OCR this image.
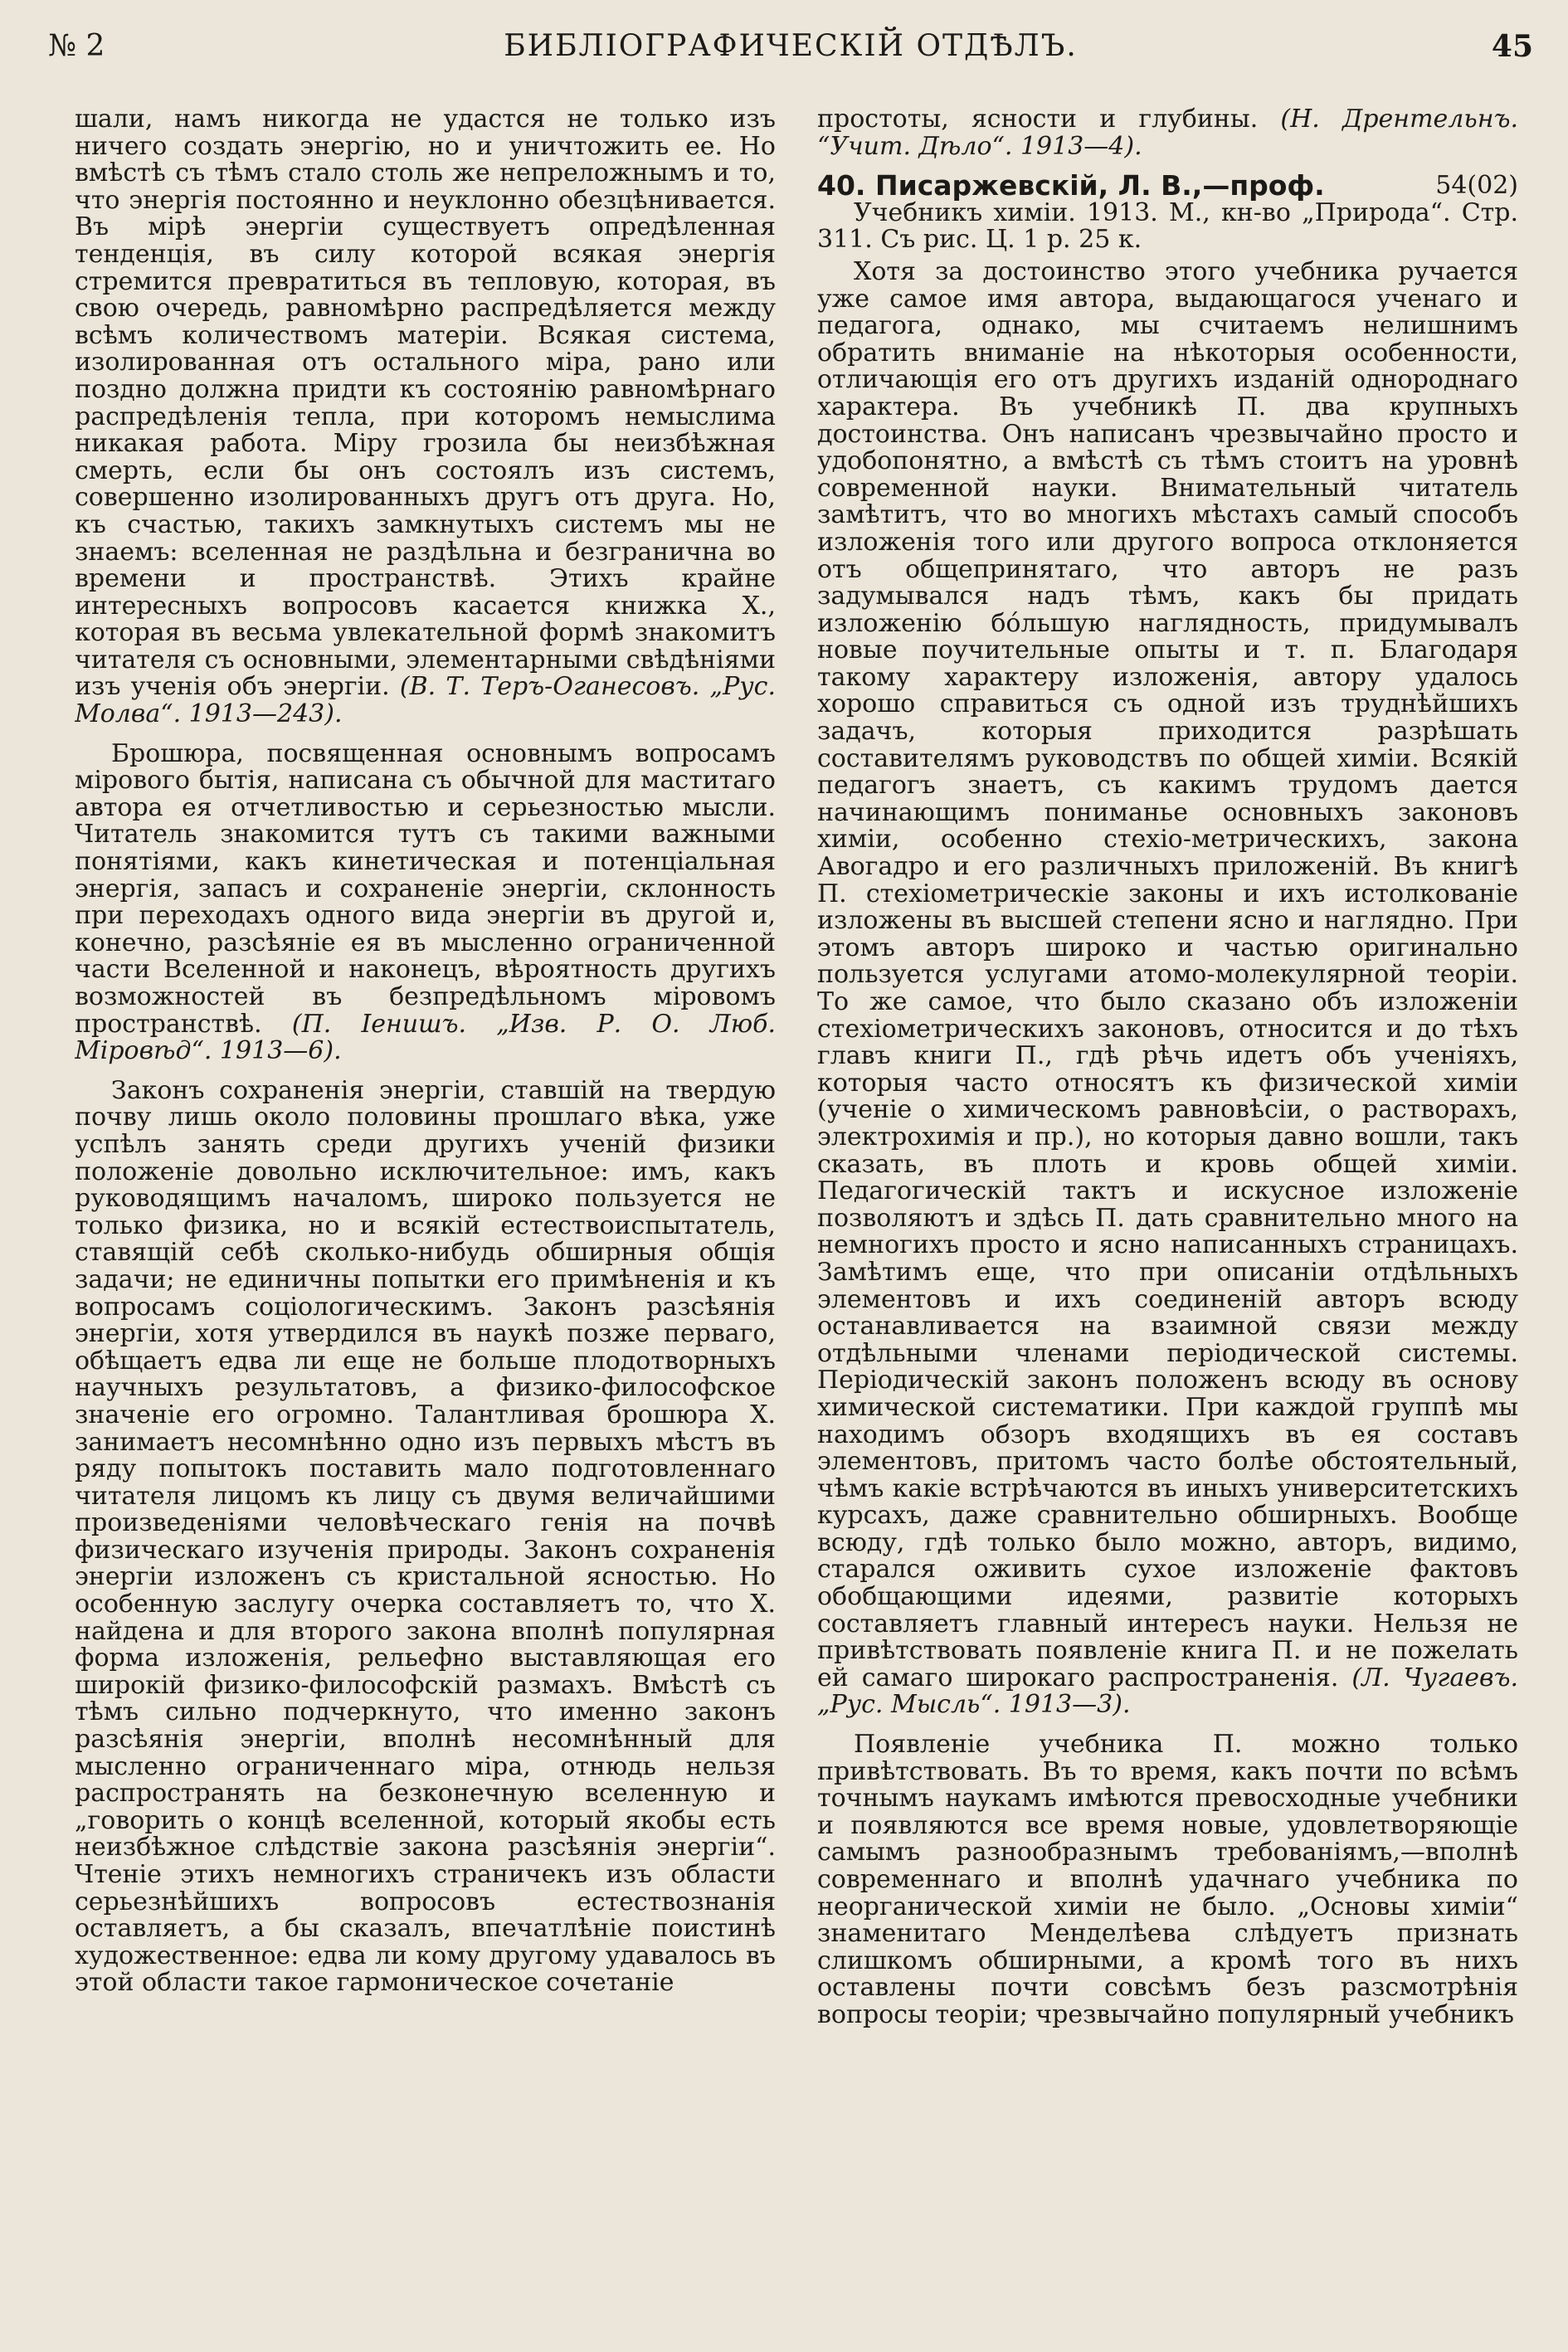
№ 2	БИБЛІОГРАФИЧЕСКІЙ ОТДѢЛЪ.	45

шали, намъ никогда не удастся не только изъ ничего создать энергію, но и уничтожить ее. Но вмѣстѣ съ тѣмъ стало столь же непреложнымъ и то, что энергія постоянно и неуклонно обезцѣнивается. Въ мірѣ энергіи существуетъ опредѣленная тенденція, въ силу которой всякая энергія стремится превратиться въ тепловую, которая, въ свою очередь, равномѣрно распредѣляется между всѣмъ количествомъ матеріи. Всякая система, изолированная отъ остального міра, рано или поздно должна придти къ состоянію равномѣрнаго распредѣленія тепла, при которомъ немыслима никакая работа. Міру грозила бы неизбѣжная смерть, если бы онъ состоялъ изъ системъ, совершенно изолированныхъ другъ отъ друга. Но, къ счастью, такихъ замкнутыхъ системъ мы не знаемъ: вселенная не раздѣльна и безгранична во времени и пространствѣ. Этихъ крайне интересныхъ вопросовъ касается книжка Х., которая въ весьма увлекательной формѣ знакомитъ читателя съ основными, элементарными свѣдѣніями изъ ученія объ энергіи. (В. Т. Теръ-Оганесовъ. „Рус. Молва“. 1913—243).

Брошюра, посвященная основнымъ вопросамъ мірового бытія, написана съ обычной для маститаго автора ея отчетливостью и серьезностью мысли. Читатель знакомится тутъ съ такими важными понятіями, какъ кинетическая и потенціальная энергія, запасъ и сохраненіе энергіи, склонность при переходахъ одного вида энергіи въ другой и, конечно, разсѣяніе ея въ мысленно ограниченной части Вселенной и наконецъ, вѣроятность другихъ возможностей въ безпредѣльномъ міровомъ пространствѣ. (П. Іенишъ. „Изв. Р. О. Люб. Міровѣд“. 1913—6).

Законъ сохраненія энергіи, ставшій на твердую почву лишь около половины прошлаго вѣка, уже успѣлъ занять среди другихъ ученій физики положеніе довольно исключительное: имъ, какъ руководящимъ началомъ, широко пользуется не только физика, но и всякій естествоиспытатель, ставящій себѣ сколько-нибудь обширныя общія задачи; не единичны попытки его примѣненія и къ вопросамъ соціологическимъ. Законъ разсѣянія энергіи, хотя утвердился въ наукѣ позже перваго, обѣщаетъ едва ли еще не больше плодотворныхъ научныхъ результатовъ, а физико-философское значеніе его огромно. Талантливая брошюра Х. занимаетъ несомнѣнно одно изъ первыхъ мѣстъ въ ряду попытокъ поставить мало подготовленнаго читателя лицомъ къ лицу съ двумя величайшими произведеніями человѣческаго генія на почвѣ физическаго изученія природы. Законъ сохраненія энергіи изложенъ съ кристальной ясностью. Но особенную заслугу очерка составляетъ то, что Х. найдена и для второго закона вполнѣ популярная форма изложенія, рельефно выставляющая его широкій физико-философскій размахъ. Вмѣстѣ съ тѣмъ сильно подчеркнуто, что именно законъ разсѣянія энергіи, вполнѣ несомнѣнный для мысленно ограниченнаго міра, отнюдь нельзя распространять на безконечную вселенную и „говорить о концѣ вселенной, который якобы есть неизбѣжное слѣдствіе закона разсѣянія энергіи“. Чтеніе этихъ немногихъ страничекъ изъ области серьезнѣйшихъ вопросовъ естествознанія оставляетъ, а бы сказалъ, впечатлѣніе поистинѣ художественное: едва ли кому другому удавалось въ этой области такое гармоническое сочетаніе

простоты, ясности и глубины. (Н. Дрентельнъ. “Учит. Дѣло“. 1913—4).

40. Писаржевскій, Л. В.,—проф.	54(02)
Учебникъ химіи. 1913. М., кн-во „Природа“. Стр. 311. Съ рис. Ц. 1 р. 25 к.

Хотя за достоинство этого учебника ручается уже самое имя автора, выдающагося ученаго и педагога, однако, мы считаемъ нелишнимъ обратить вниманіе на нѣкоторыя особенности, отличающія его отъ другихъ изданій однороднаго характера. Въ учебникѣ П. два крупныхъ достоинства. Онъ написанъ чрезвычайно просто и удобопонятно, а вмѣстѣ съ тѣмъ стоитъ на уровнѣ современной науки. Внимательный читатель замѣтитъ, что во многихъ мѣстахъ самый способъ изложенія того или другого вопроса отклоняется отъ общепринятаго, что авторъ не разъ задумывался надъ тѣмъ, какъ бы придать изложенію бо́льшую наглядность, придумывалъ новые поучительные опыты и т. п. Благодаря такому характеру изложенія, автору удалось хорошо справиться съ одной изъ труднѣйшихъ задачъ, которыя приходится разрѣшать составителямъ руководствъ по общей химіи. Всякій педагогъ знаетъ, съ какимъ трудомъ дается начинающимъ пониманье основныхъ законовъ химіи, особенно стехіо-метрическихъ, закона Авогадро и его различныхъ приложеній. Въ книгѣ П. стехіометрическіе законы и ихъ истолкованіе изложены въ высшей степени ясно и наглядно. При этомъ авторъ широко и частью оригинально пользуется услугами атомо-молекулярной теоріи. То же самое, что было сказано объ изложеніи стехіометрическихъ законовъ, относится и до тѣхъ главъ книги П., гдѣ рѣчь идетъ объ ученіяхъ, которыя часто относятъ къ физической химіи (ученіе о химическомъ равновѣсіи, о растворахъ, электрохимія и пр.), но которыя давно вошли, такъ сказать, въ плоть и кровь общей химіи. Педагогическій тактъ и искусное изложеніе позволяютъ и здѣсь П. дать сравнительно много на немногихъ просто и ясно написанныхъ страницахъ. Замѣтимъ еще, что при описаніи отдѣльныхъ элементовъ и ихъ соединеній авторъ всюду останавливается на взаимной связи между отдѣльными членами періодической системы. Періодическій законъ положенъ всюду въ основу химической систематики. При каждой группѣ мы находимъ обзоръ входящихъ въ ея составъ элементовъ, притомъ часто болѣе обстоятельный, чѣмъ какіе встрѣчаются въ иныхъ университетскихъ курсахъ, даже сравнительно обширныхъ. Вообще всюду, гдѣ только было можно, авторъ, видимо, старался оживить сухое изложеніе фактовъ обобщающими идеями, развитіе которыхъ составляетъ главный интересъ науки. Нельзя не привѣтствовать появленіе книга П. и не пожелать ей самаго широкаго распространенія. (Л. Чугаевъ. „Рус. Мысль“. 1913—3).

Появленіе учебника П. можно только привѣтствовать. Въ то время, какъ почти по всѣмъ точнымъ наукамъ имѣются превосходные учебники и появляются все время новые, удовлетворяющіе самымъ разнообразнымъ требованіямъ,—вполнѣ современнаго и вполнѣ удачнаго учебника по неорганической химіи не было. „Основы химіи“ знаменитаго Менделѣева слѣдуетъ признать слишкомъ обширными, а кромѣ того въ нихъ оставлены почти совсѣмъ безъ разсмотрѣнія вопросы теоріи; чрезвычайно популярный учебникъ
